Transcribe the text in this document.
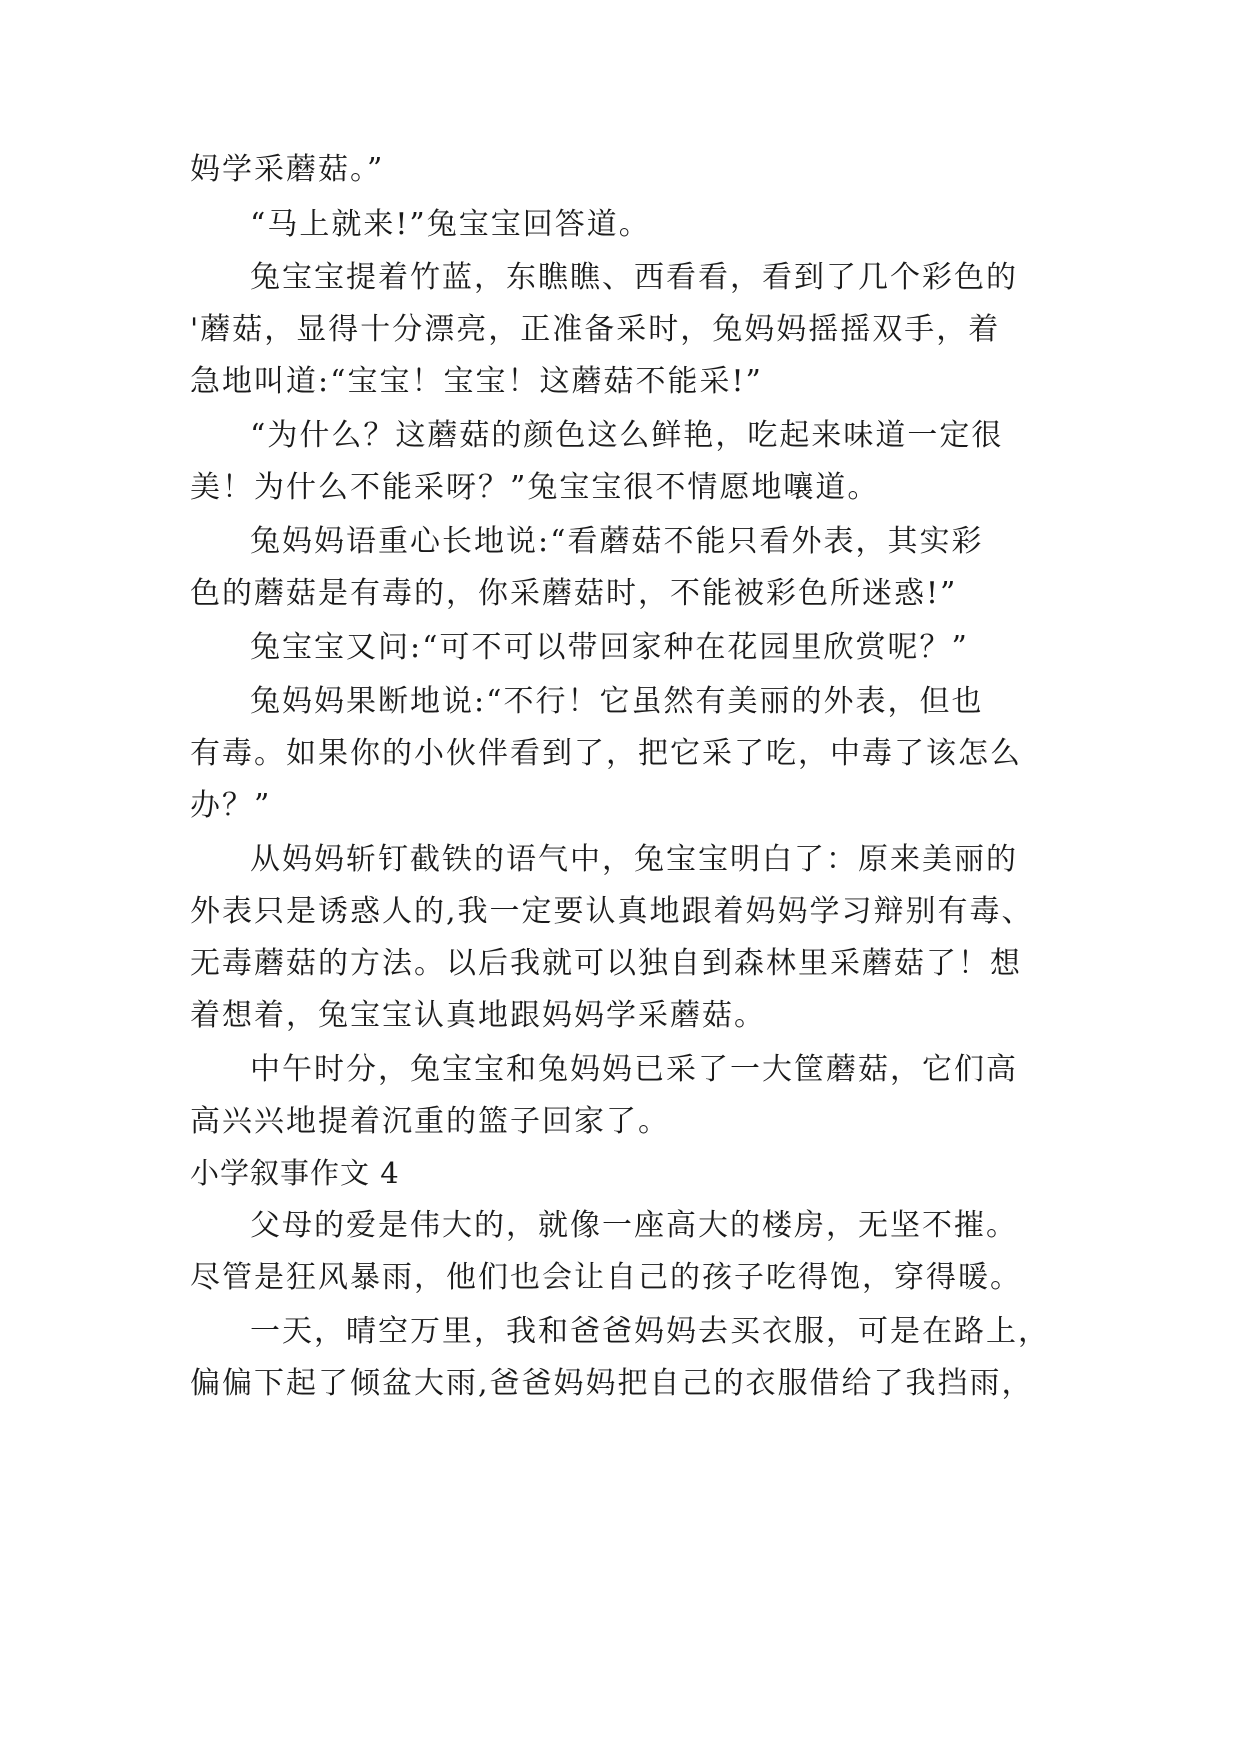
妈学采蘑菇。”
“马上就来!”兔宝宝回答道。
兔宝宝提着竹蓝，东瞧瞧、西看看，看到了几个彩色的
'蘑菇，显得十分漂亮，正准备采时，兔妈妈摇摇双手，着
急地叫道:“宝宝！宝宝！这蘑菇不能采!”
“为什么？这蘑菇的颜色这么鲜艳，吃起来味道一定很
美！为什么不能采呀？”兔宝宝很不情愿地嚷道。
兔妈妈语重心长地说:“看蘑菇不能只看外表，其实彩
色的蘑菇是有毒的，你采蘑菇时，不能被彩色所迷惑!”
兔宝宝又问:“可不可以带回家种在花园里欣赏呢？”
兔妈妈果断地说:“不行！它虽然有美丽的外表，但也
有毒。如果你的小伙伴看到了，把它采了吃，中毒了该怎么
办？”
从妈妈斩钉截铁的语气中，兔宝宝明白了：原来美丽的
外表只是诱惑人的,我一定要认真地跟着妈妈学习辩别有毒、
无毒蘑菇的方法。以后我就可以独自到森林里采蘑菇了！想
着想着，兔宝宝认真地跟妈妈学采蘑菇。
中午时分，兔宝宝和兔妈妈已采了一大筐蘑菇，它们高
高兴兴地提着沉重的篮子回家了。
小学叙事作文 4
父母的爱是伟大的，就像一座高大的楼房，无坚不摧。
尽管是狂风暴雨，他们也会让自己的孩子吃得饱，穿得暖。
一天，晴空万里，我和爸爸妈妈去买衣服，可是在路上，
偏偏下起了倾盆大雨,爸爸妈妈把自己的衣服借给了我挡雨，
